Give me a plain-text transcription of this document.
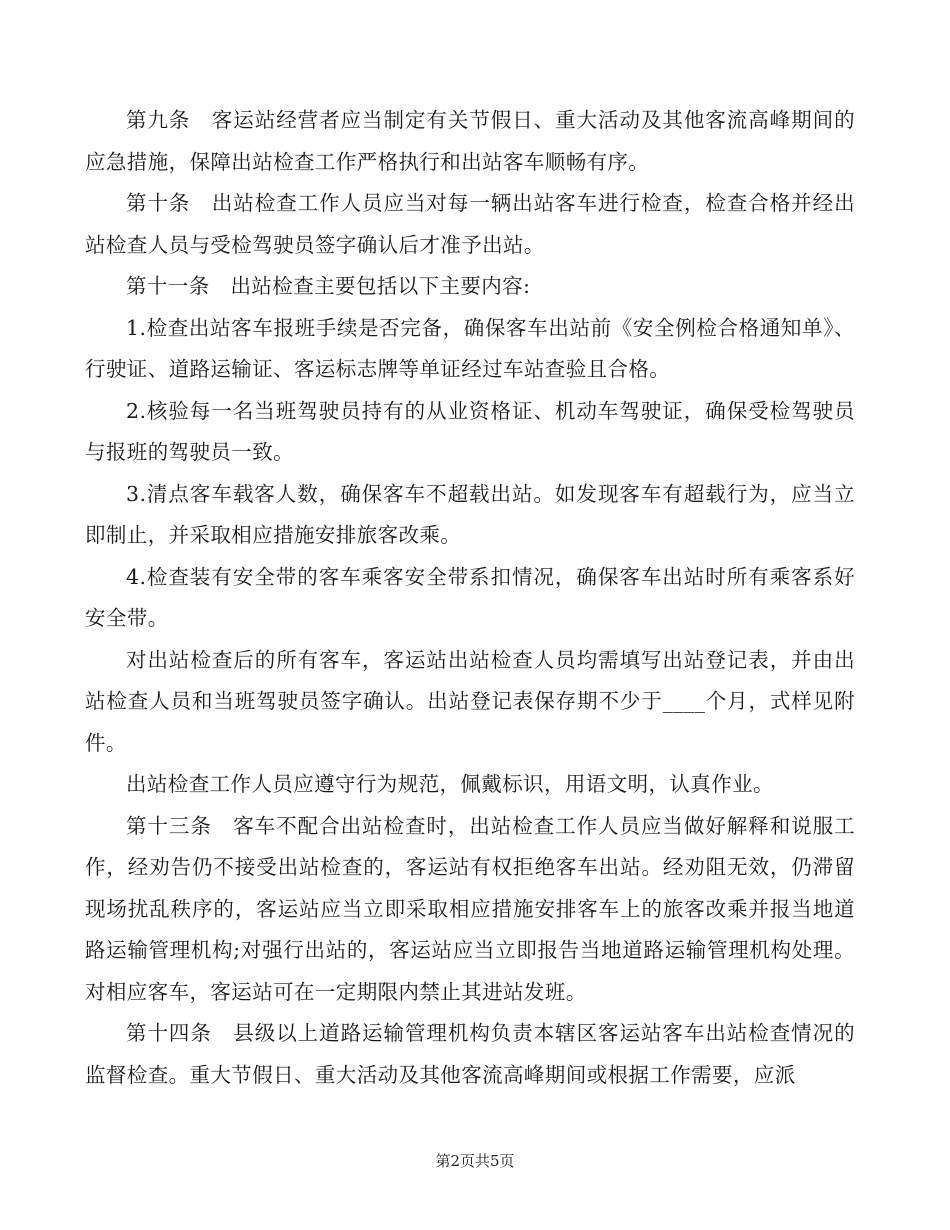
第九条　客运站经营者应当制定有关节假日、重大活动及其他客流高峰期间的应急措施，保障出站检查工作严格执行和出站客车顺畅有序。

第十条　出站检查工作人员应当对每一辆出站客车进行检查，检查合格并经出站检查人员与受检驾驶员签字确认后才准予出站。

第十一条　出站检查主要包括以下主要内容:

1.检查出站客车报班手续是否完备，确保客车出站前《安全例检合格通知单》、行驶证、道路运输证、客运标志牌等单证经过车站查验且合格。

2.核验每一名当班驾驶员持有的从业资格证、机动车驾驶证，确保受检驾驶员与报班的驾驶员一致。

3.清点客车载客人数，确保客车不超载出站。如发现客车有超载行为，应当立即制止，并采取相应措施安排旅客改乘。

4.检查装有安全带的客车乘客安全带系扣情况，确保客车出站时所有乘客系好安全带。

对出站检查后的所有客车，客运站出站检查人员均需填写出站登记表，并由出站检查人员和当班驾驶员签字确认。出站登记表保存期不少于____个月，式样见附件。

出站检查工作人员应遵守行为规范，佩戴标识，用语文明，认真作业。

第十三条　客车不配合出站检查时，出站检查工作人员应当做好解释和说服工作，经劝告仍不接受出站检查的，客运站有权拒绝客车出站。经劝阻无效，仍滞留现场扰乱秩序的，客运站应当立即采取相应措施安排客车上的旅客改乘并报当地道路运输管理机构;对强行出站的，客运站应当立即报告当地道路运输管理机构处理。对相应客车，客运站可在一定期限内禁止其进站发班。

第十四条　县级以上道路运输管理机构负责本辖区客运站客车出站检查情况的监督检查。重大节假日、重大活动及其他客流高峰期间或根据工作需要，应派

第2页共5页
